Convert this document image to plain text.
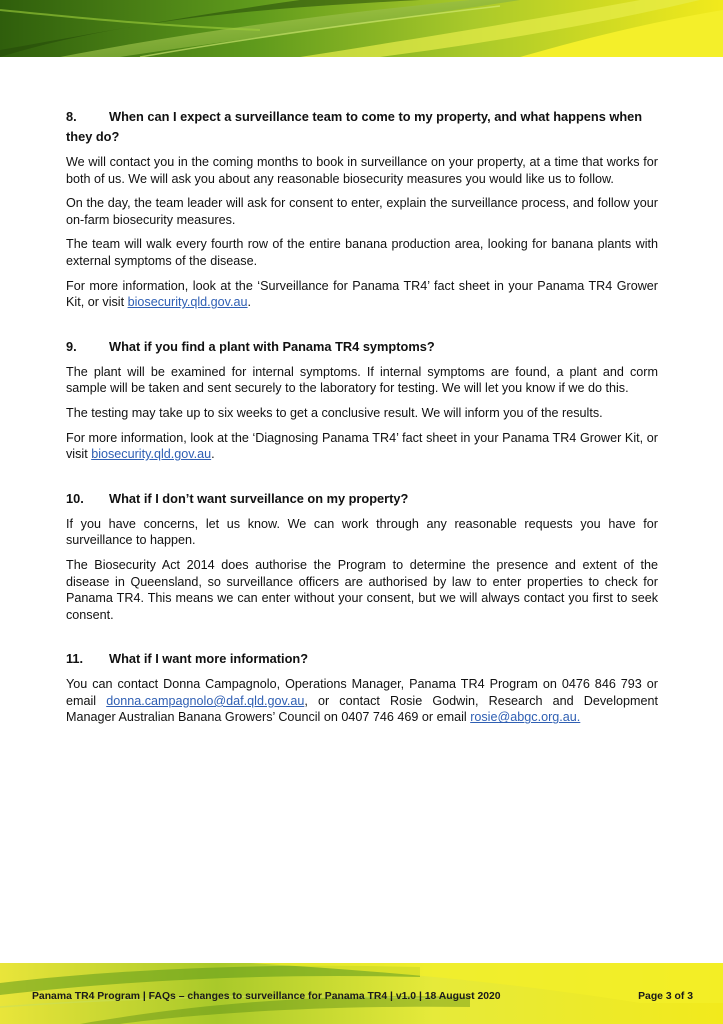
8.	When can I expect a surveillance team to come to my property, and what happens when they do?
We will contact you in the coming months to book in surveillance on your property, at a time that works for both of us. We will ask you about any reasonable biosecurity measures you would like us to follow.
On the day, the team leader will ask for consent to enter, explain the surveillance process, and follow your on-farm biosecurity measures.
The team will walk every fourth row of the entire banana production area, looking for banana plants with external symptoms of the disease.
For more information, look at the ‘Surveillance for Panama TR4’ fact sheet in your Panama TR4 Grower Kit, or visit biosecurity.qld.gov.au.
9.	What if you find a plant with Panama TR4 symptoms?
The plant will be examined for internal symptoms. If internal symptoms are found, a plant and corm sample will be taken and sent securely to the laboratory for testing. We will let you know if we do this.
The testing may take up to six weeks to get a conclusive result. We will inform you of the results.
For more information, look at the ‘Diagnosing Panama TR4’ fact sheet in your Panama TR4 Grower Kit, or visit biosecurity.qld.gov.au.
10. What if I don’t want surveillance on my property?
If you have concerns, let us know. We can work through any reasonable requests you have for surveillance to happen.
The Biosecurity Act 2014 does authorise the Program to determine the presence and extent of the disease in Queensland, so surveillance officers are authorised by law to enter properties to check for Panama TR4. This means we can enter without your consent, but we will always contact you first to seek consent.
11. What if I want more information?
You can contact Donna Campagnolo, Operations Manager, Panama TR4 Program on 0476 846 793 or email donna.campagnolo@daf.qld.gov.au, or contact Rosie Godwin, Research and Development Manager Australian Banana Growers’ Council on 0407 746 469 or email rosie@abgc.org.au.
Panama TR4 Program | FAQs – changes to surveillance for Panama TR4 | v1.0 | 18 August 2020	Page 3 of 3
